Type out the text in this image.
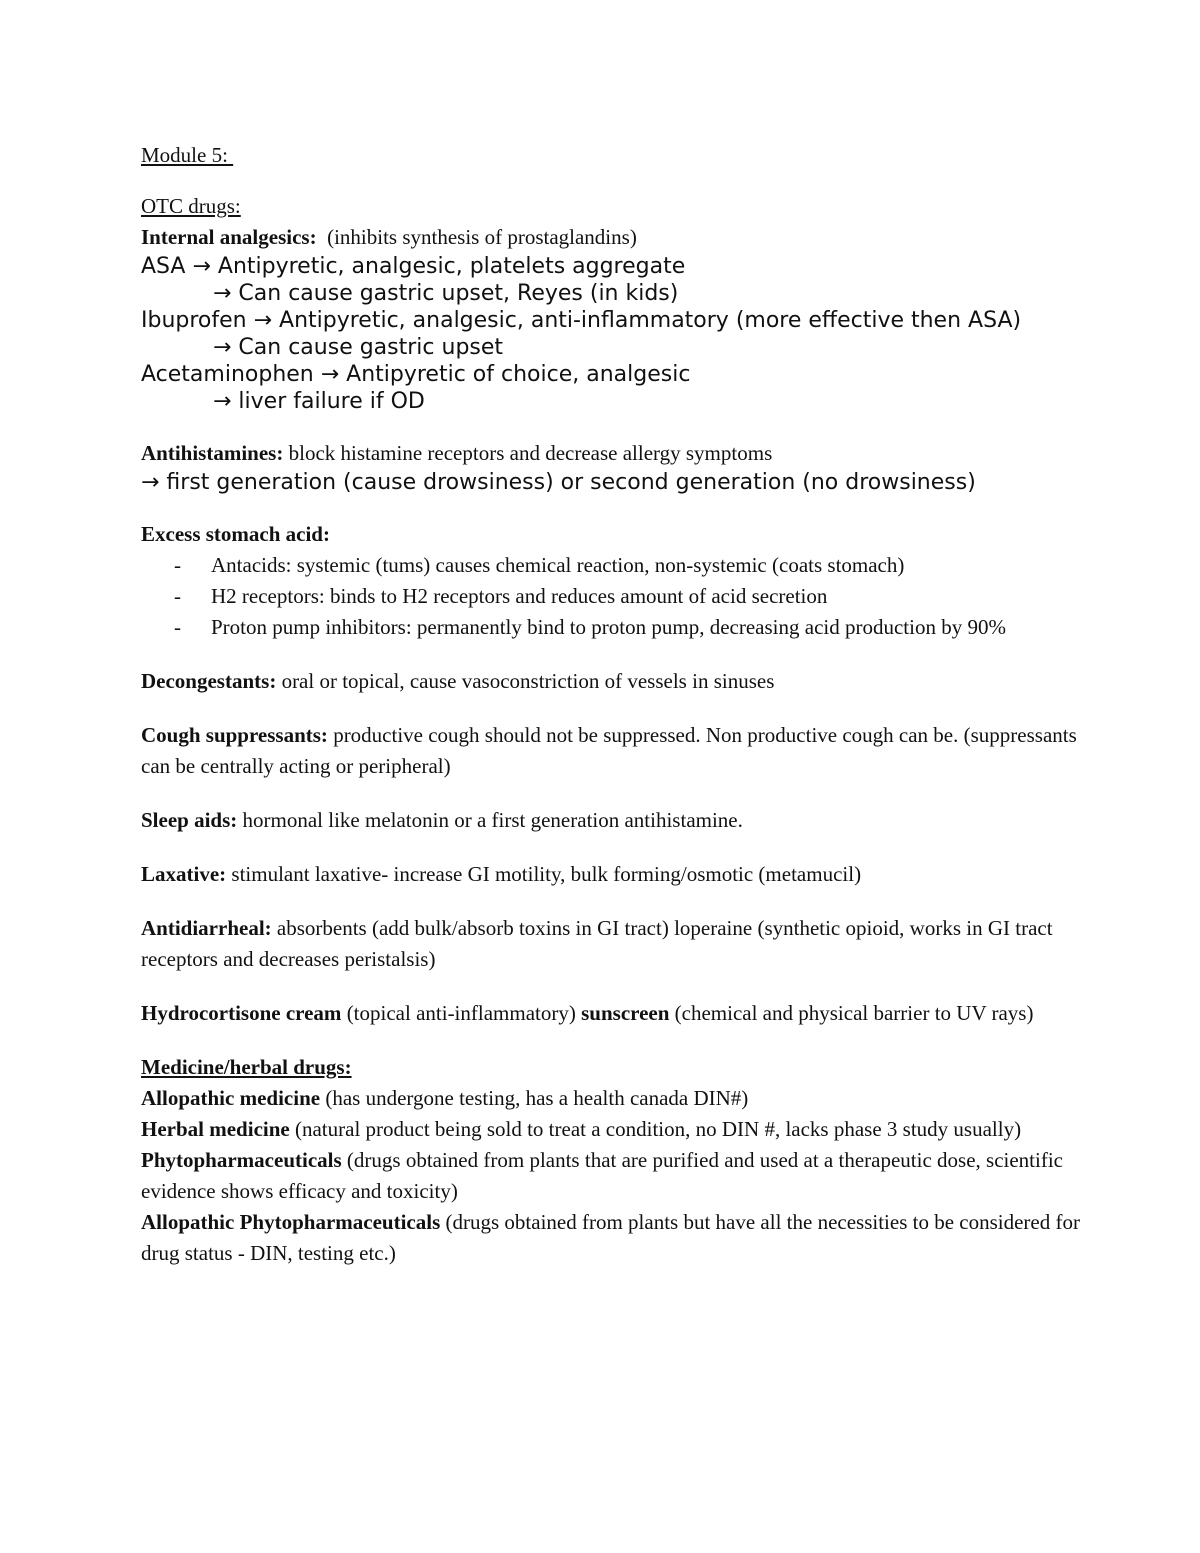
Module 5:

OTC drugs:

Internal analgesics:  (inhibits synthesis of prostaglandins)

ASA → Antipyretic, analgesic, platelets aggregate

→ Can cause gastric upset, Reyes (in kids)

Ibuprofen → Antipyretic, analgesic, anti-inflammatory (more effective then ASA)

→ Can cause gastric upset

Acetaminophen → Antipyretic of choice, analgesic

→ liver failure if OD

Antihistamines: block histamine receptors and decrease allergy symptoms

→ first generation (cause drowsiness) or second generation (no drowsiness)

Excess stomach acid:

- Antacids: systemic (tums) causes chemical reaction, non-systemic (coats stomach)
- H2 receptors: binds to H2 receptors and reduces amount of acid secretion
- Proton pump inhibitors: permanently bind to proton pump, decreasing acid production by 90%

Decongestants: oral or topical, cause vasoconstriction of vessels in sinuses

Cough suppressants: productive cough should not be suppressed. Non productive cough can be. (suppressants can be centrally acting or peripheral)

Sleep aids: hormonal like melatonin or a first generation antihistamine.

Laxative: stimulant laxative- increase GI motility, bulk forming/osmotic (metamucil)

Antidiarrheal: absorbents (add bulk/absorb toxins in GI tract) loperaine (synthetic opioid, works in GI tract receptors and decreases peristalsis)

Hydrocortisone cream (topical anti-inflammatory) sunscreen (chemical and physical barrier to UV rays)

Medicine/herbal drugs:

Allopathic medicine (has undergone testing, has a health canada DIN#)

Herbal medicine (natural product being sold to treat a condition, no DIN #, lacks phase 3 study usually)

Phytopharmaceuticals (drugs obtained from plants that are purified and used at a therapeutic dose, scientific evidence shows efficacy and toxicity)

Allopathic Phytopharmaceuticals (drugs obtained from plants but have all the necessities to be considered for drug status - DIN, testing etc.)
